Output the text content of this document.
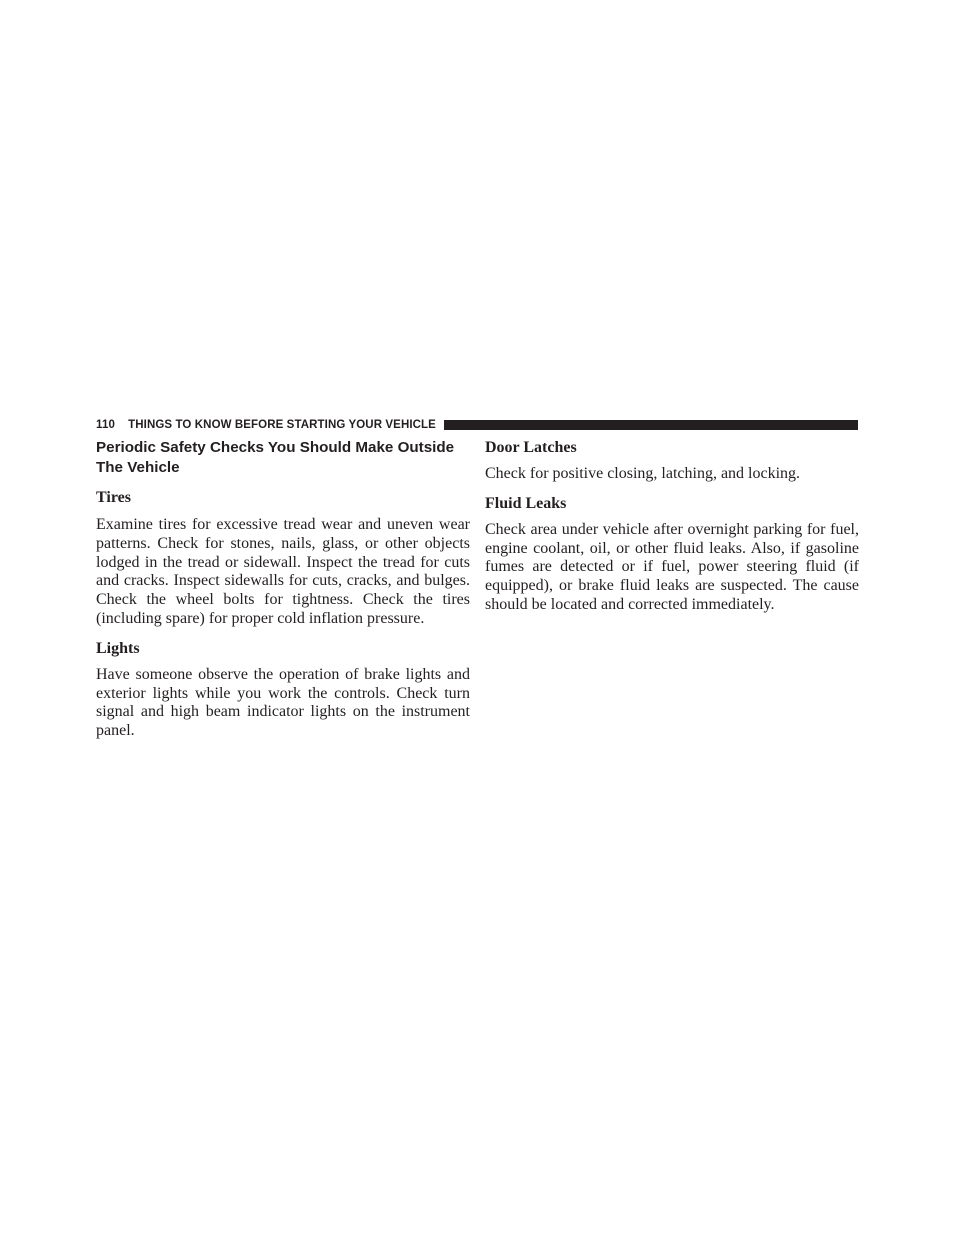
110 THINGS TO KNOW BEFORE STARTING YOUR VEHICLE
Periodic Safety Checks You Should Make Outside The Vehicle
Tires

Examine tires for excessive tread wear and uneven wear patterns. Check for stones, nails, glass, or other objects lodged in the tread or sidewall. Inspect the tread for cuts and cracks. Inspect sidewalls for cuts, cracks, and bulges. Check the wheel bolts for tightness. Check the tires (including spare) for proper cold inflation pressure.

Lights

Have someone observe the operation of brake lights and exterior lights while you work the controls. Check turn signal and high beam indicator lights on the instrument panel.

Door Latches

Check for positive closing, latching, and locking.

Fluid Leaks

Check area under vehicle after overnight parking for fuel, engine coolant, oil, or other fluid leaks. Also, if gasoline fumes are detected or if fuel, power steering fluid (if equipped), or brake fluid leaks are suspected. The cause should be located and corrected immediately.
